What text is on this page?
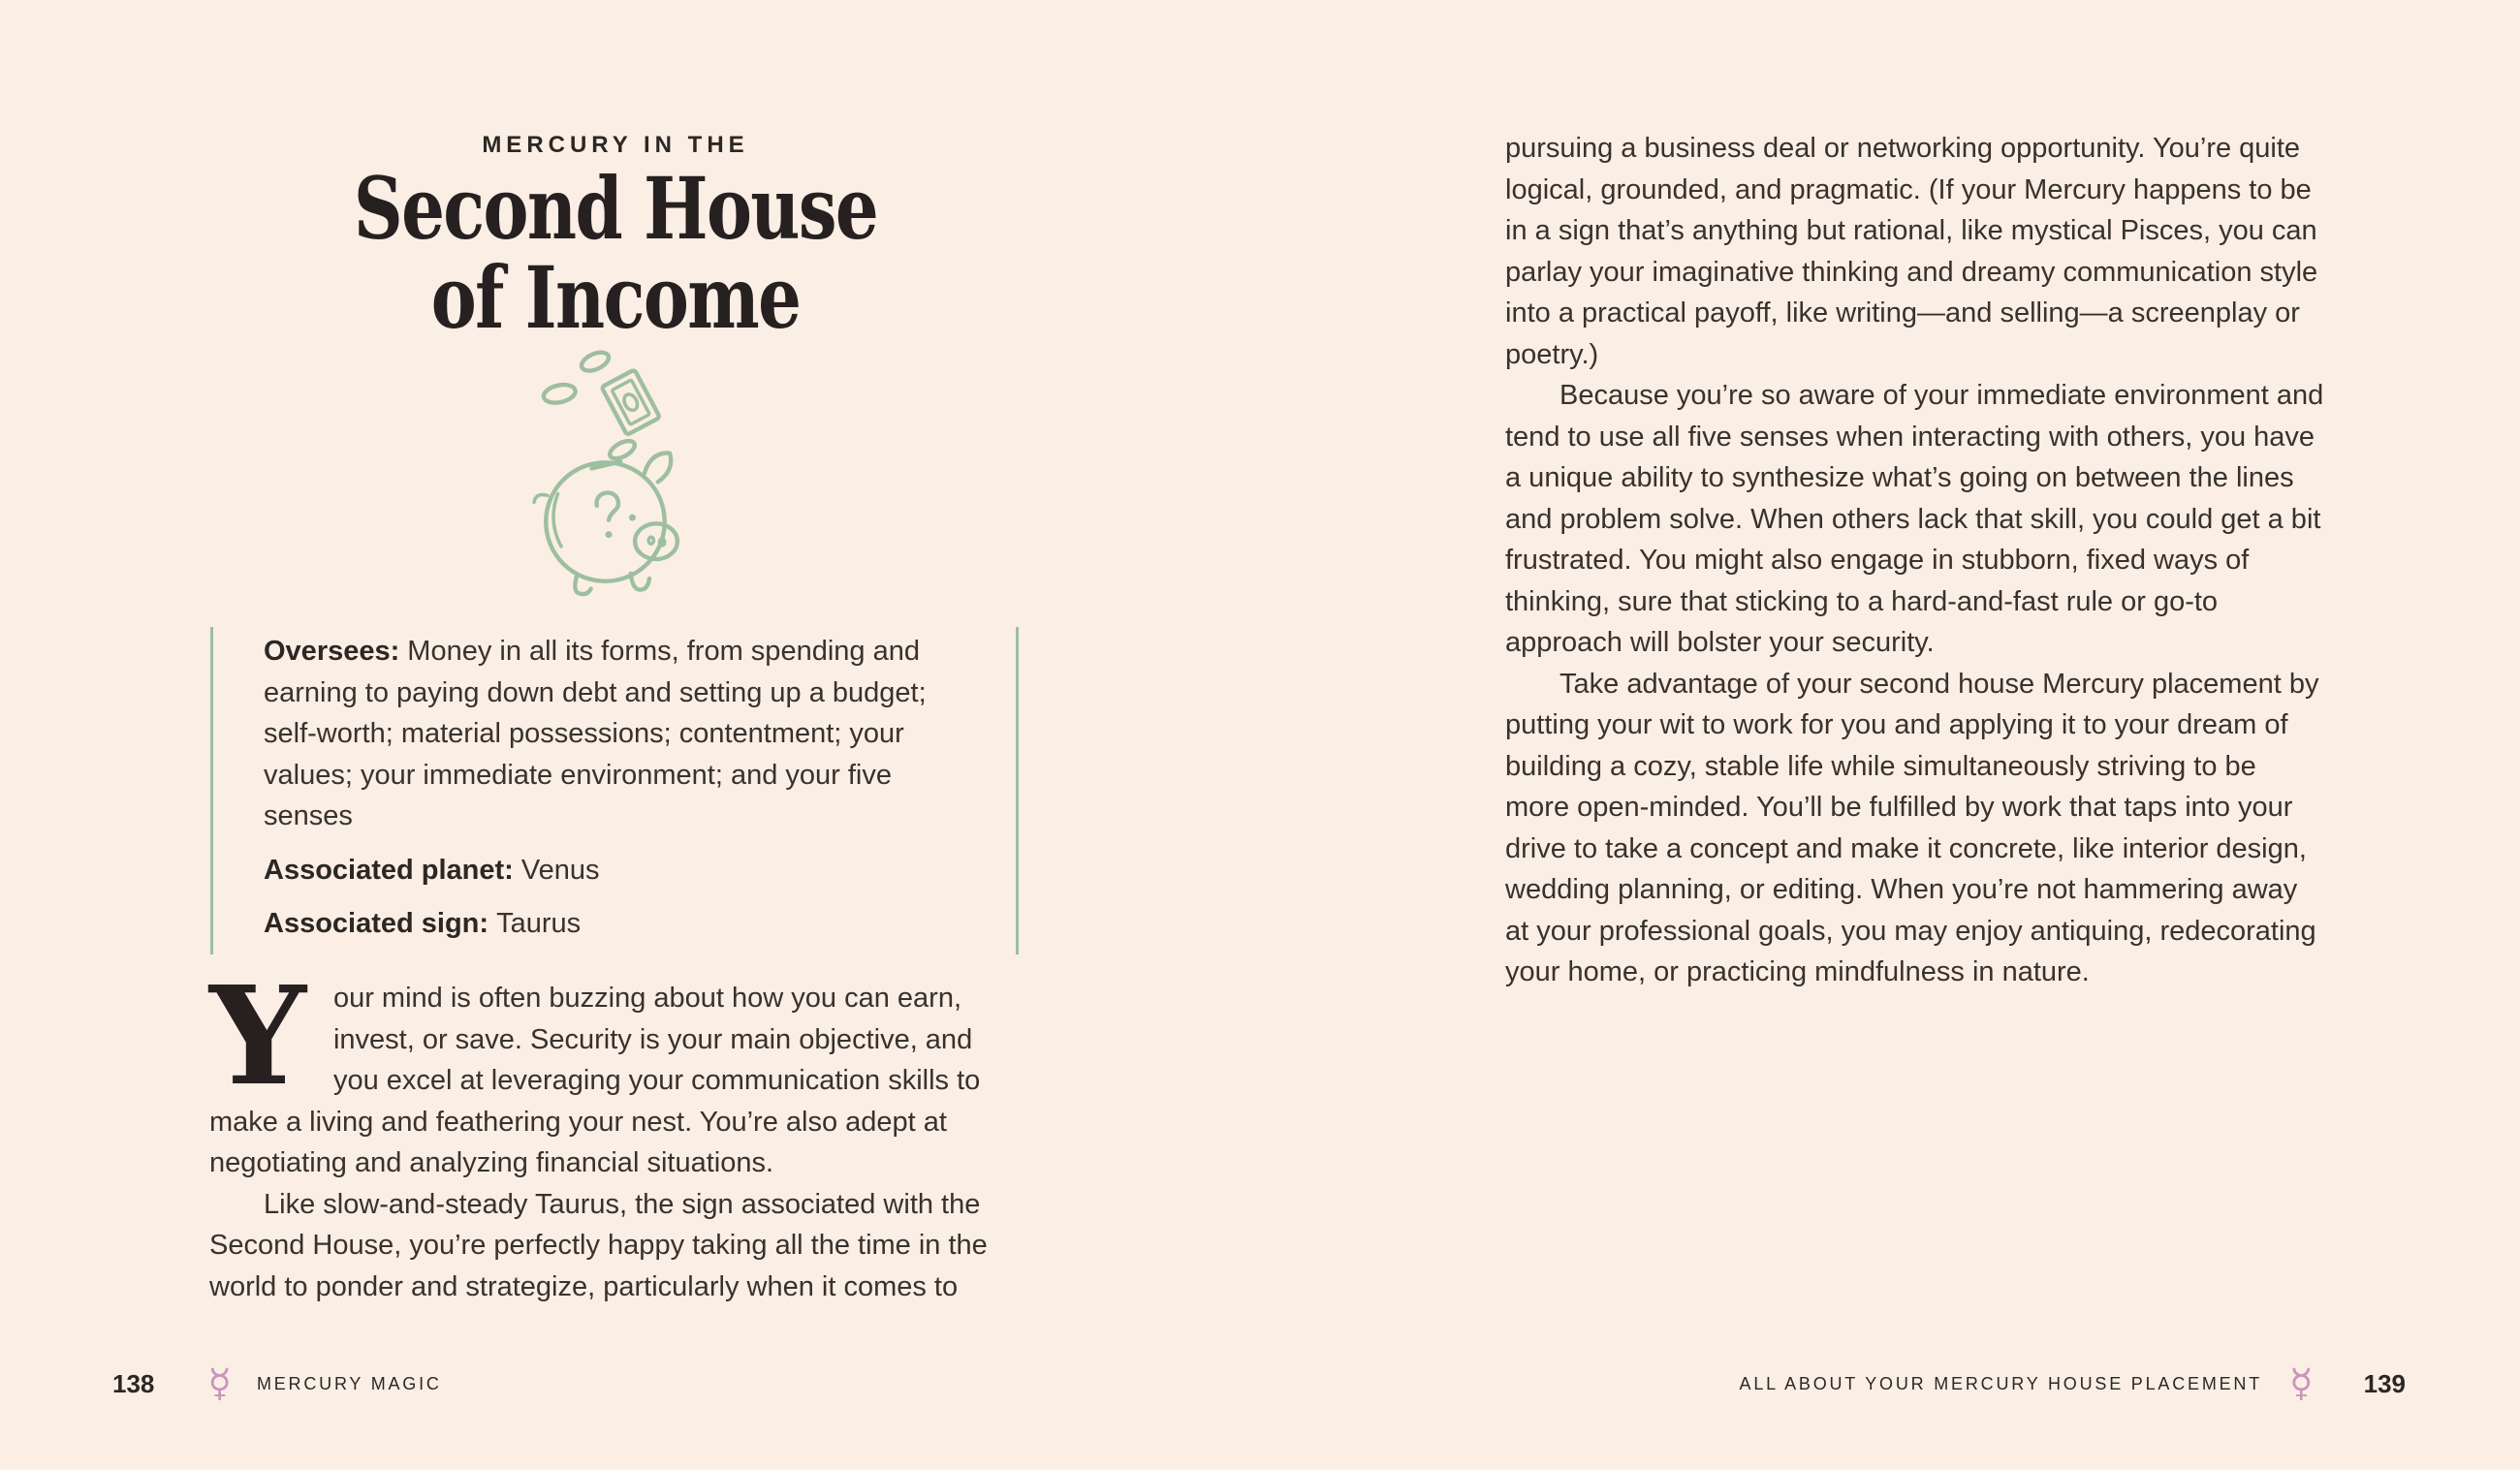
MERCURY IN THE
Second House
of Income

Oversees: Money in all its forms, from spending and earning to paying down debt and setting up a budget; self-worth; material possessions; contentment; your values; your immediate environment; and your five senses

Associated planet: Venus

Associated sign: Taurus

Your mind is often buzzing about how you can earn, invest, or save. Security is your main objective, and you excel at leveraging your communication skills to make a living and feathering your nest. You’re also adept at negotiating and analyzing financial situations.

Like slow-and-steady Taurus, the sign associated with the Second House, you’re perfectly happy taking all the time in the world to ponder and strategize, particularly when it comes to

138 ☿ MERCURY MAGIC

pursuing a business deal or networking opportunity. You’re quite logical, grounded, and pragmatic. (If your Mercury happens to be in a sign that’s anything but rational, like mystical Pisces, you can parlay your imaginative thinking and dreamy communication style into a practical payoff, like writing—and selling—a screenplay or poetry.)

Because you’re so aware of your immediate environment and tend to use all five senses when interacting with others, you have a unique ability to synthesize what’s going on between the lines and problem solve. When others lack that skill, you could get a bit frustrated. You might also engage in stubborn, fixed ways of thinking, sure that sticking to a hard-and-fast rule or go-to approach will bolster your security.

Take advantage of your second house Mercury placement by putting your wit to work for you and applying it to your dream of building a cozy, stable life while simultaneously striving to be more open-minded. You’ll be fulfilled by work that taps into your drive to take a concept and make it concrete, like interior design, wedding planning, or editing. When you’re not hammering away at your professional goals, you may enjoy antiquing, redecorating your home, or practicing mindfulness in nature.

ALL ABOUT YOUR MERCURY HOUSE PLACEMENT ☿ 139
